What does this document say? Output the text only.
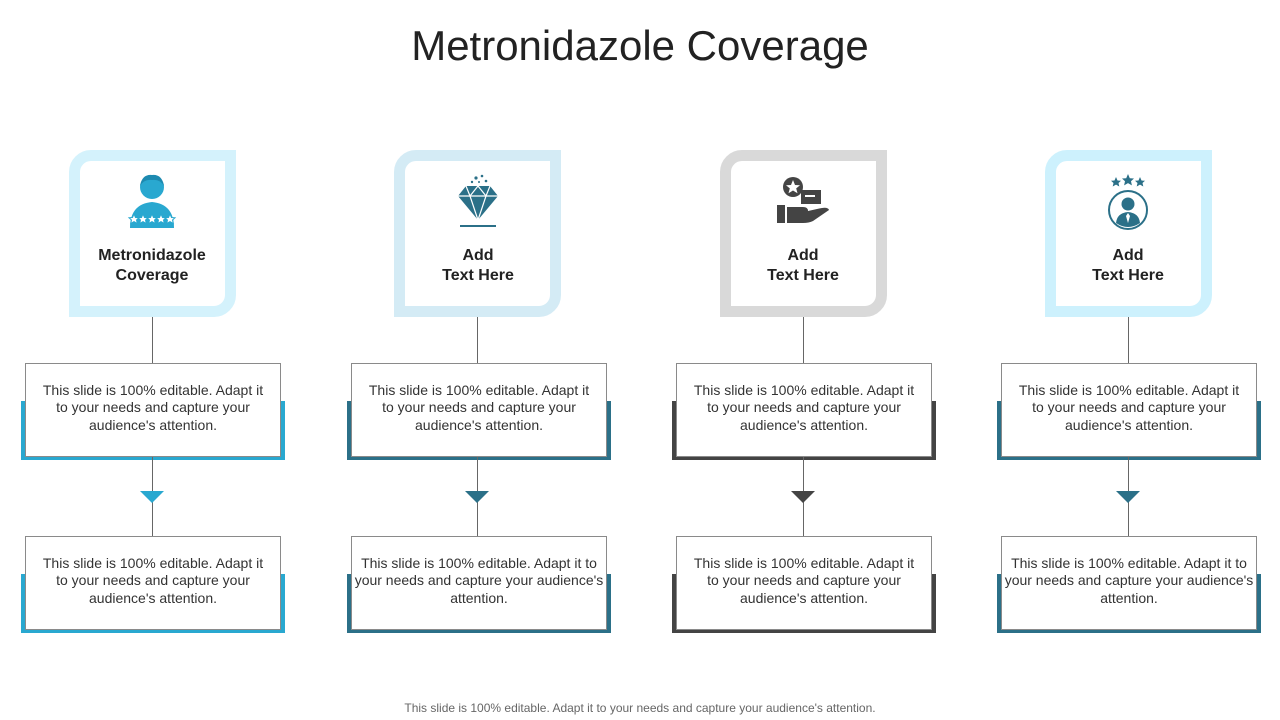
Metronidazole Coverage
Metronidazole
Coverage
This slide is 100% editable. Adapt it to your needs and capture your audience's attention.
This slide is 100% editable. Adapt it to your needs and capture your audience's attention.
Add
Text Here
This slide is 100% editable. Adapt it to your needs and capture your audience's attention.
This slide is 100% editable. Adapt it to your needs and capture your audience's attention.
Add
Text Here
This slide is 100% editable. Adapt it to your needs and capture your audience's attention.
This slide is 100% editable. Adapt it to your needs and capture your audience's attention.
Add
Text Here
This slide is 100% editable. Adapt it to your needs and capture your audience's attention.
This slide is 100% editable. Adapt it to your needs and capture your audience's attention.
This slide is 100% editable. Adapt it to your needs and capture your audience's attention.
